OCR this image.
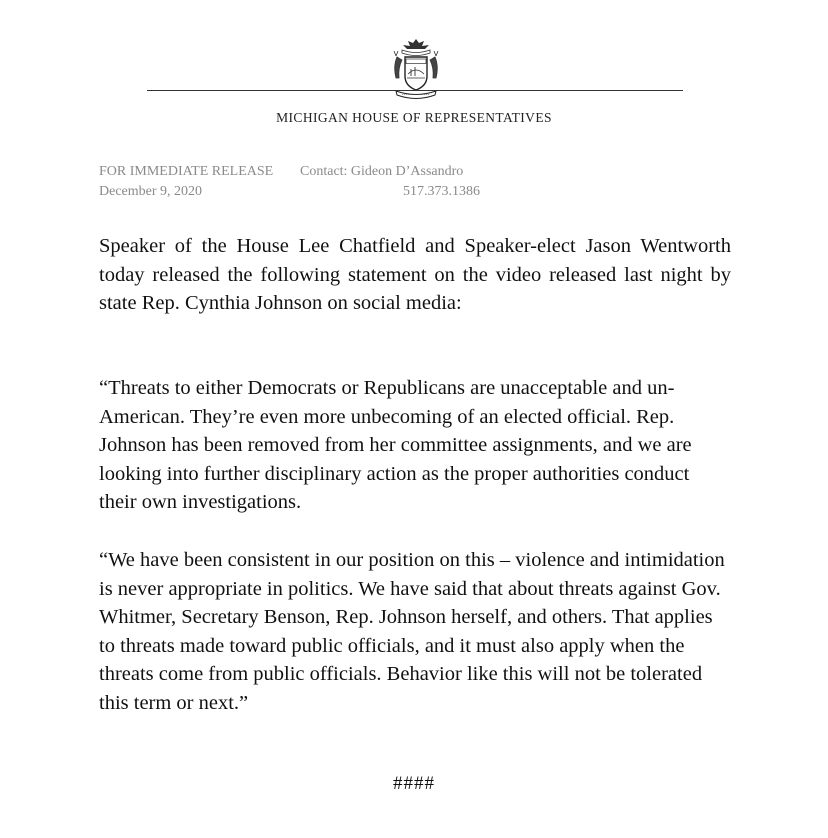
MICHIGAN HOUSE OF REPRESENTATIVES
FOR IMMEDIATE RELEASE Contact: Gideon D’Assandro
December 9, 2020	517.373.1386

Speaker of the House Lee Chatfield and Speaker-elect Jason Wentworth today released the following statement on the video released last night by state Rep. Cynthia Johnson on social media:

“Threats to either Democrats or Republicans are unacceptable and un-American. They’re even more unbecoming of an elected official. Rep. Johnson has been removed from her committee assignments, and we are looking into further disciplinary action as the proper authorities conduct their own investigations.

“We have been consistent in our position on this – violence and intimidation is never appropriate in politics. We have said that about threats against Gov. Whitmer, Secretary Benson, Rep. Johnson herself, and others. That applies to threats made toward public officials, and it must also apply when the threats come from public officials. Behavior like this will not be tolerated this term or next.”

####
